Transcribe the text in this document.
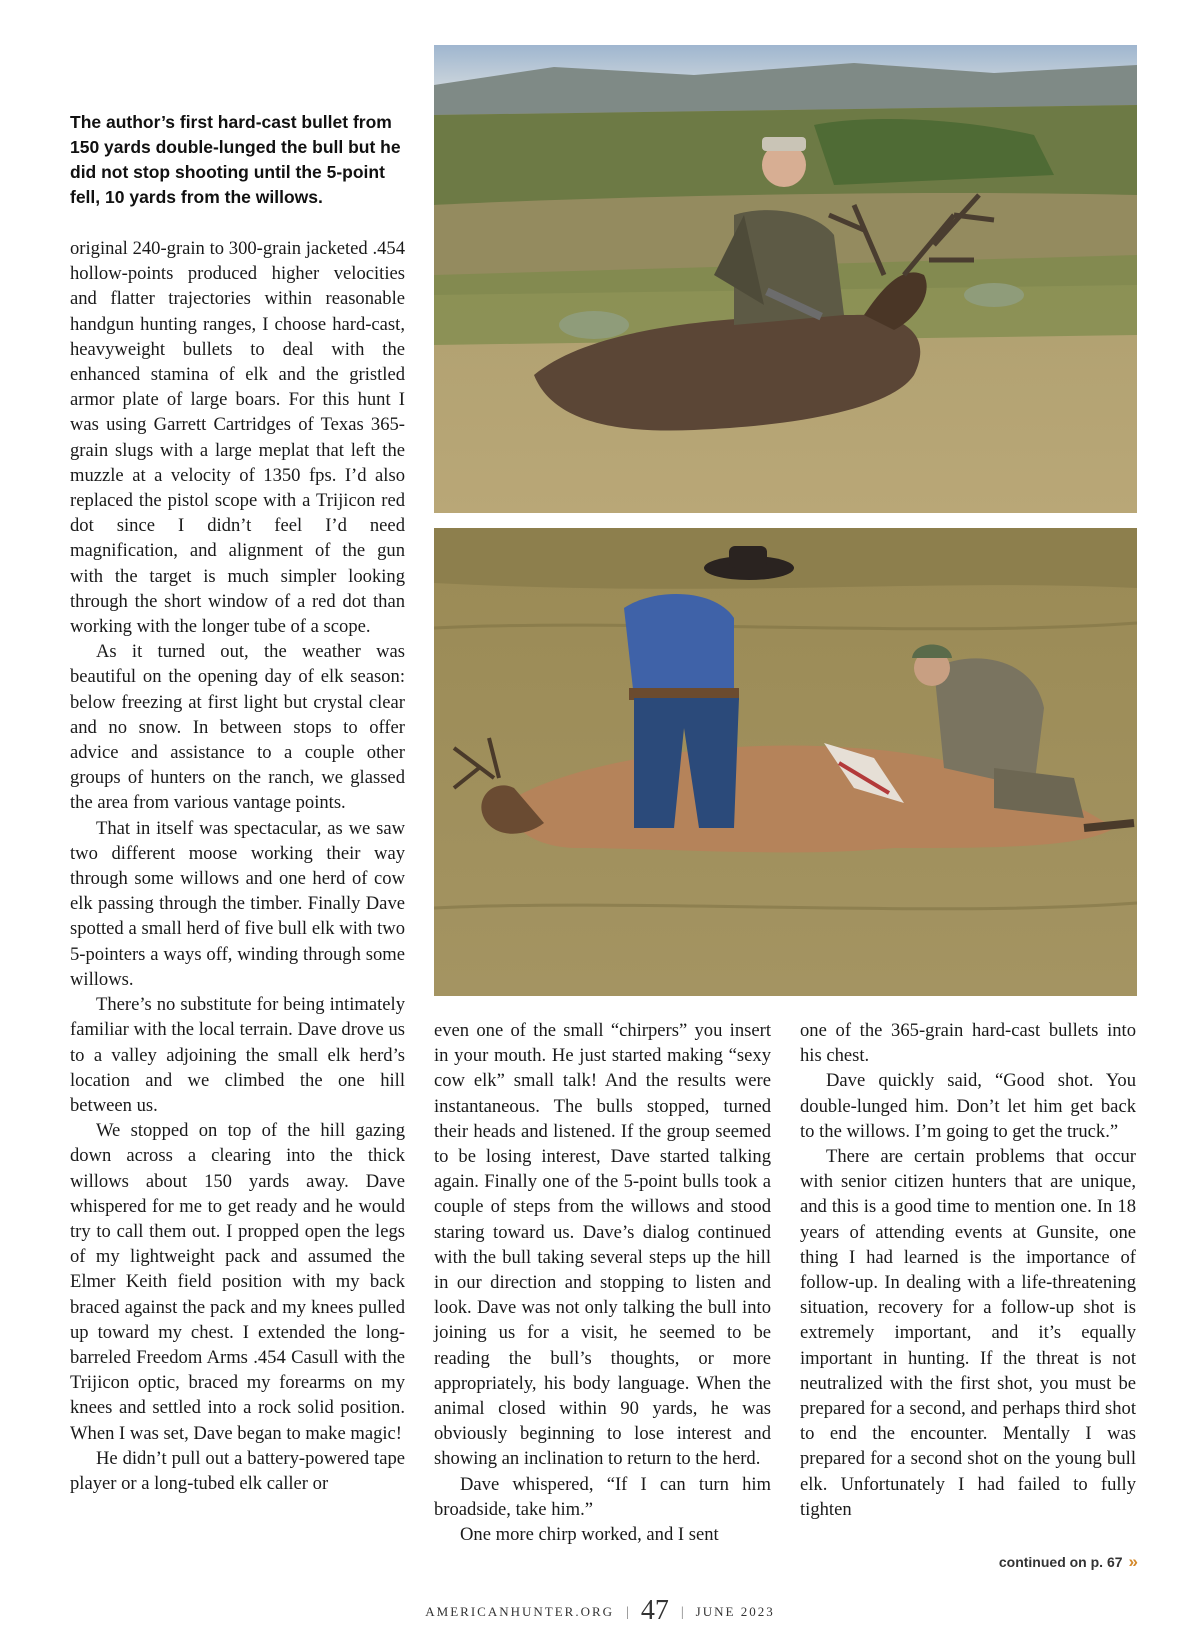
The author’s first hard-cast bullet from 150 yards double-lunged the bull but he did not stop shooting until the 5-point fell, 10 yards from the willows.

original 240-grain to 300-grain jacketed .454 hollow-points produced higher velocities and flatter trajectories within reasonable handgun hunting ranges, I choose hard-cast, heavyweight bullets to deal with the enhanced stamina of elk and the gristled armor plate of large boars. For this hunt I was using Garrett Cartridges of Texas 365-grain slugs with a large meplat that left the muzzle at a velocity of 1350 fps. I’d also replaced the pistol scope with a Trijicon red dot since I didn’t feel I’d need magnification, and alignment of the gun with the target is much simpler looking through the short window of a red dot than working with the longer tube of a scope.

As it turned out, the weather was beautiful on the opening day of elk season: below freezing at first light but crystal clear and no snow. In between stops to offer advice and assistance to a couple other groups of hunters on the ranch, we glassed the area from various vantage points.

That in itself was spectacular, as we saw two different moose working their way through some willows and one herd of cow elk passing through the timber. Finally Dave spotted a small herd of five bull elk with two 5-pointers a ways off, winding through some willows.

There’s no substitute for being intimately familiar with the local terrain. Dave drove us to a valley adjoining the small elk herd’s location and we climbed the one hill between us.

We stopped on top of the hill gazing down across a clearing into the thick willows about 150 yards away. Dave whispered for me to get ready and he would try to call them out. I propped open the legs of my lightweight pack and assumed the Elmer Keith field position with my back braced against the pack and my knees pulled up toward my chest. I extended the long-barreled Freedom Arms .454 Casull with the Trijicon optic, braced my forearms on my knees and settled into a rock solid position. When I was set, Dave began to make magic!

He didn’t pull out a battery-powered tape player or a long-tubed elk caller or

even one of the small “chirpers” you insert in your mouth. He just started making “sexy cow elk” small talk! And the results were instantaneous. The bulls stopped, turned their heads and listened. If the group seemed to be losing interest, Dave started talking again. Finally one of the 5-point bulls took a couple of steps from the willows and stood staring toward us. Dave’s dialog continued with the bull taking several steps up the hill in our direction and stopping to listen and look. Dave was not only talking the bull into joining us for a visit, he seemed to be reading the bull’s thoughts, or more appropriately, his body language. When the animal closed within 90 yards, he was obviously beginning to lose interest and showing an inclination to return to the herd.

Dave whispered, “If I can turn him broadside, take him.”

One more chirp worked, and I sent

one of the 365-grain hard-cast bullets into his chest.

Dave quickly said, “Good shot. You double-lunged him. Don’t let him get back to the willows. I’m going to get the truck.”

There are certain problems that occur with senior citizen hunters that are unique, and this is a good time to mention one. In 18 years of attending events at Gunsite, one thing I had learned is the importance of follow-up. In dealing with a life-threatening situation, recovery for a follow-up shot is extremely important, and it’s equally important in hunting. If the threat is not neutralized with the first shot, you must be prepared for a second, and perhaps third shot to end the encounter. Mentally I was prepared for a second shot on the young bull elk. Unfortunately I had failed to fully tighten

continued on p. 67 »
AMERICANHUNTER.ORG | 47 | JUNE 2023
